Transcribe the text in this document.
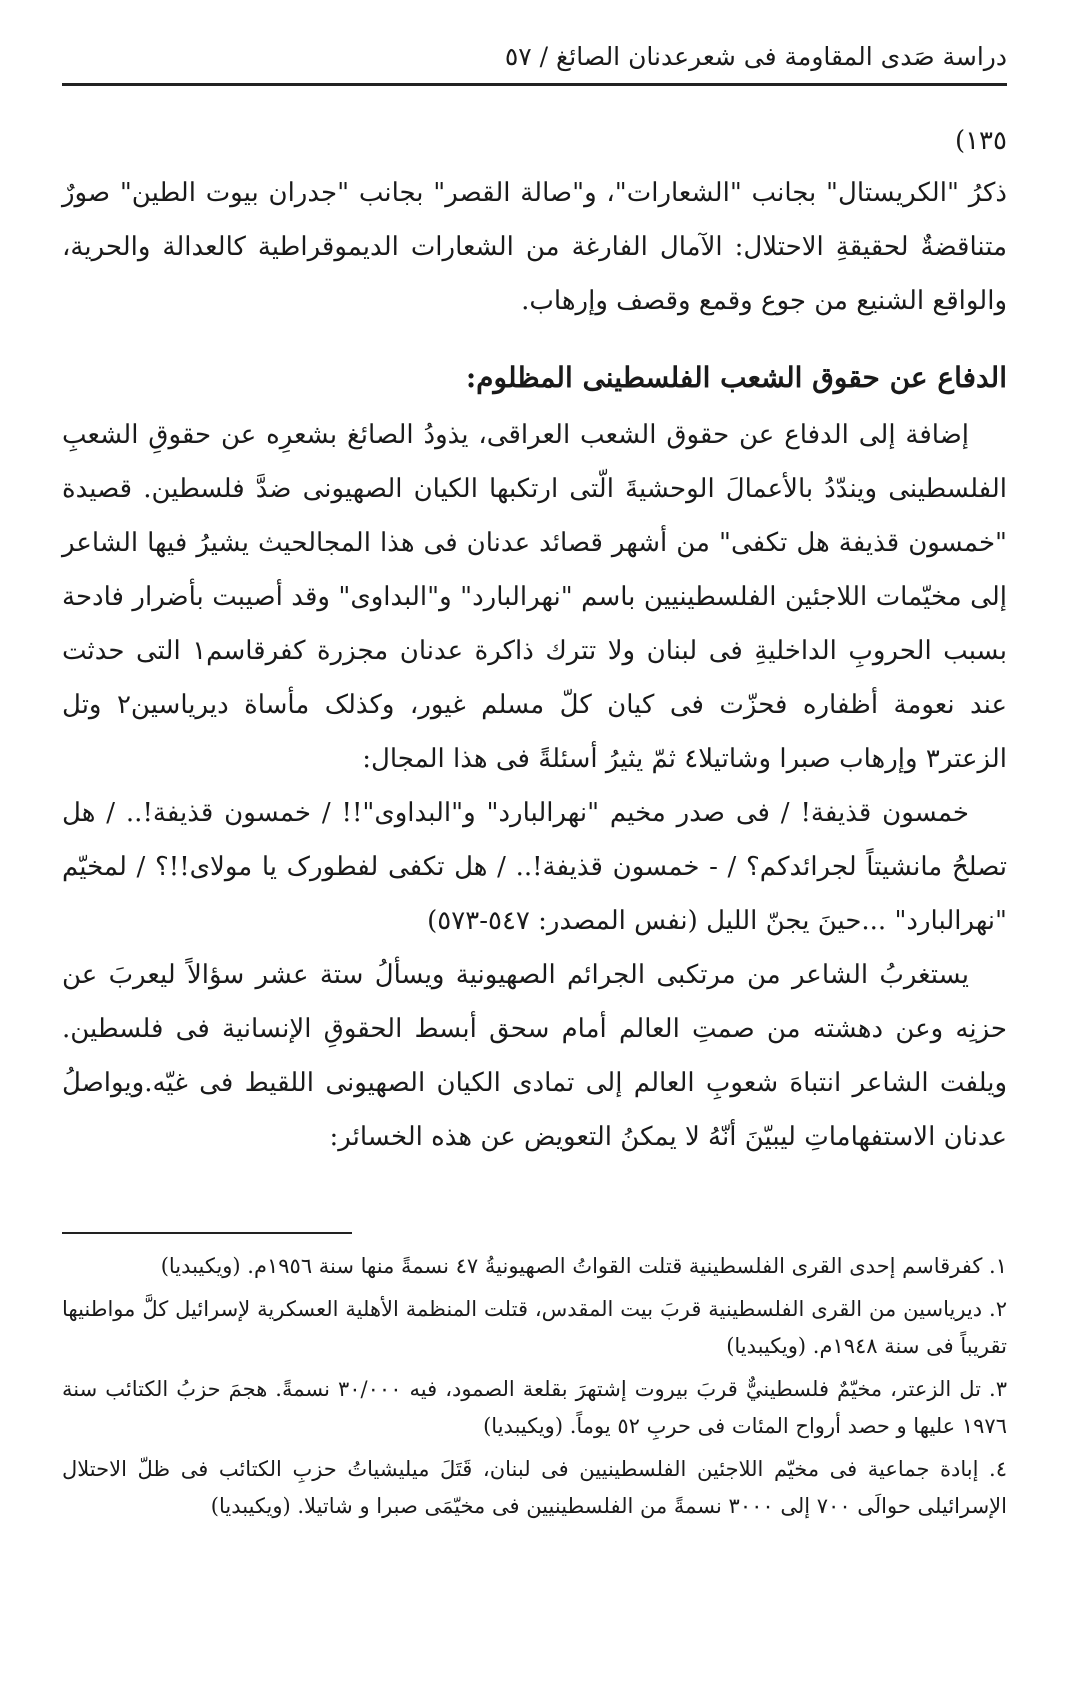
دراسة صَدى المقاومة فى شعرعدنان الصائغ / ٥٧

١٣٥)

ذكرُ "الكريستال" بجانب "الشعارات"، و"صالة القصر" بجانب "جدران بيوت الطين" صورٌ متناقضةٌ لحقيقةِ الاحتلال: الآمال الفارغة من الشعارات الديموقراطية كالعدالة والحرية، والواقع الشنيع من جوع وقمع وقصف وإرهاب.

الدفاع عن حقوق الشعب الفلسطينى المظلوم:

إضافة إلى الدفاع عن حقوق الشعب العراقى، يذودُ الصائغ بشعرِه عن حقوقِ الشعبِ الفلسطينى ويندّدُ بالأعمالَ الوحشيةَ الّتى ارتكبها الكيان الصهيونى ضدَّ فلسطين. قصيدة "خمسون قذيفة هل تكفى" من أشهر قصائد عدنان فى هذا المجالحيث يشيرُ فيها الشاعر إلى مخيّمات اللاجئين الفلسطينيين باسم "نهرالبارد" و"البداوى" وقد أصيبت بأضرار فادحة بسبب الحروبِ الداخليةِ فى لبنان ولا تترك ذاكرة عدنان مجزرة كفرقاسم١ التى حدثت عند نعومة أظفاره فحزّت فى كيان كلّ مسلم غيور، وكذلک مأساة ديرياسين٢ وتل الزعتر٣ وإرهاب صبرا وشاتيلا٤ ثمّ يثيرُ أسئلةً فى هذا المجال:

خمسون قذيفة! / فى صدر مخيم "نهرالبارد" و"البداوى"!! / خمسون قذيفة!.. / هل تصلحُ مانشيتاً لجرائدكم؟ / - خمسون قذيفة!.. / هل تكفى لفطورک يا مولاى!!؟ / لمخيّم "نهرالبارد" ...حينَ يجنّ الليل (نفس المصدر: ٥٤٧-٥٧٣)

يستغربُ الشاعر من مرتكبى الجرائم الصهيونية ويسألُ ستة عشر سؤالاً ليعربَ عن حزنِه وعن دهشته من صمتِ العالم أمام سحق أبسط الحقوقِ الإنسانية فى فلسطين. ويلفت الشاعر انتباهَ شعوبِ العالم إلى تمادى الكيان الصهيونى اللقيط فى غيّه.ويواصلُ عدنان الاستفهاماتِ ليبيّنَ أنّهُ لا يمكنُ التعويض عن هذه الخسائر:

١. كفرقاسم إحدى القرى الفلسطينية قتلت القواتُ الصهيونيةُ ٤٧ نسمةً منها سنة ١٩٥٦م. (ويكيبديا)

٢. ديرياسين من القرى الفلسطينية قربَ بيت المقدس، قتلت المنظمة الأهلية العسكرية لإسرائيل كلَّ مواطنيها تقريباً فى سنة ١٩٤٨م. (ويكيبديا)

٣. تل الزعتر، مخيّمٌ فلسطينيٌّ قربَ بيروت إشتهرَ بقلعة الصمود، فيه ٣٠/٠٠٠ نسمةً. هجمَ حزبُ الكتائب سنة ١٩٧٦ عليها و حصد أرواح المئات فى حربِ ٥٢ يوماً. (ويكيبديا)

٤. إبادة جماعية فى مخيّم اللاجئين الفلسطينيين فى لبنان، قَتَلَ ميليشياتُ حزبِ الكتائب فى ظلّ الاحتلال الإسرائيلى حوالَى ٧٠٠ إلى ٣٠٠٠ نسمةً من الفلسطينيين فى مخيّمَى صبرا و شاتيلا. (ويكيبديا)
